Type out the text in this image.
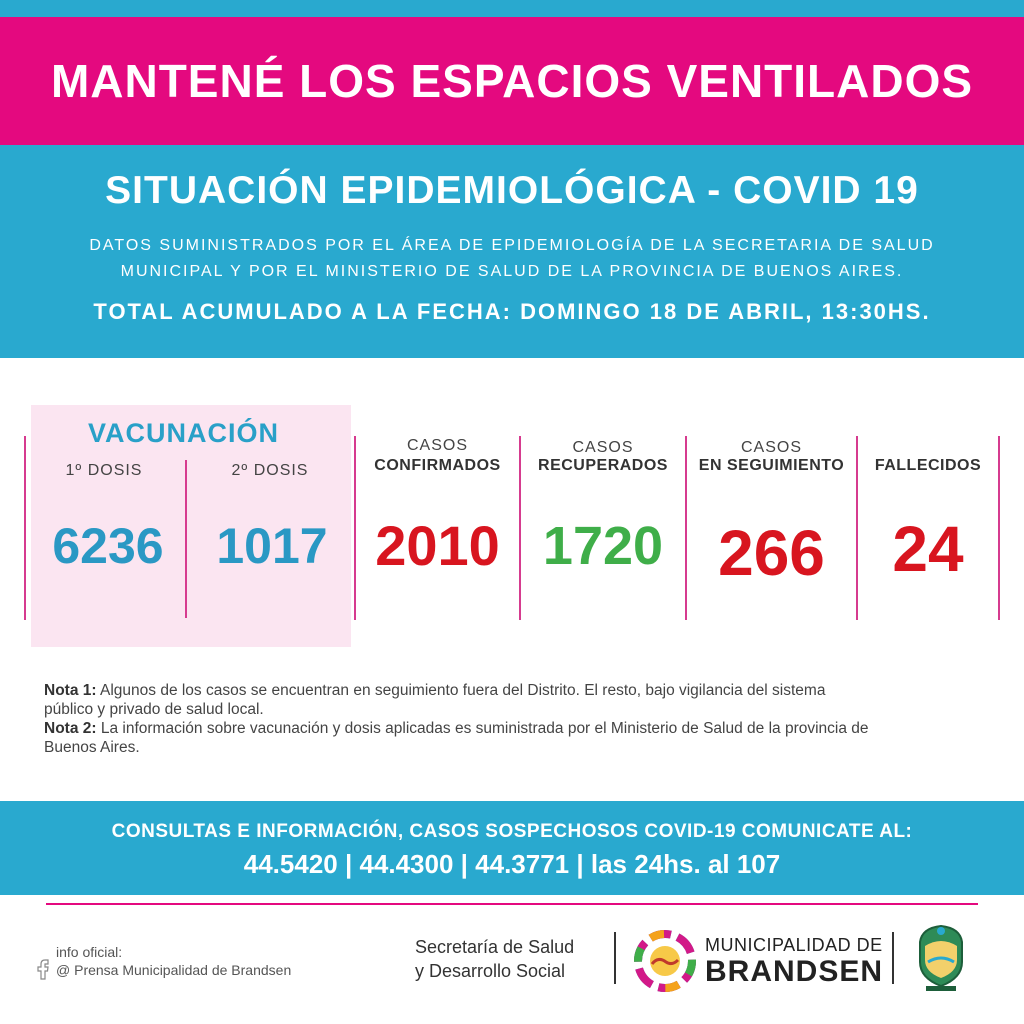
MANTENÉ LOS ESPACIOS VENTILADOS
SITUACIÓN EPIDEMIOLÓGICA - COVID 19
DATOS SUMINISTRADOS POR EL ÁREA DE EPIDEMIOLOGÍA DE LA SECRETARIA DE SALUD
MUNICIPAL Y POR EL MINISTERIO DE SALUD DE LA PROVINCIA DE BUENOS AIRES.
TOTAL ACUMULADO A LA FECHA: DOMINGO 18 DE ABRIL, 13:30HS.
VACUNACIÓN
1º DOSIS	2º DOSIS
6236	1017
CASOS
CONFIRMADOS
2010
CASOS
RECUPERADOS
1720
CASOS
EN SEGUIMIENTO
266
FALLECIDOS
24
Nota 1: Algunos de los casos se encuentran en seguimiento fuera del Distrito. El resto, bajo vigilancia del sistema público y privado de salud local.
Nota 2: La información sobre vacunación y dosis aplicadas es suministrada por el Ministerio de Salud de la provincia de Buenos Aires.
CONSULTAS E INFORMACIÓN, CASOS SOSPECHOSOS COVID-19 COMUNICATE AL:
44.5420 | 44.4300 | 44.3771 | las 24hs. al 107
info oficial:
@ Prensa Municipalidad de Brandsen
Secretaría de Salud
y Desarrollo Social
MUNICIPALIDAD DE
BRANDSEN
